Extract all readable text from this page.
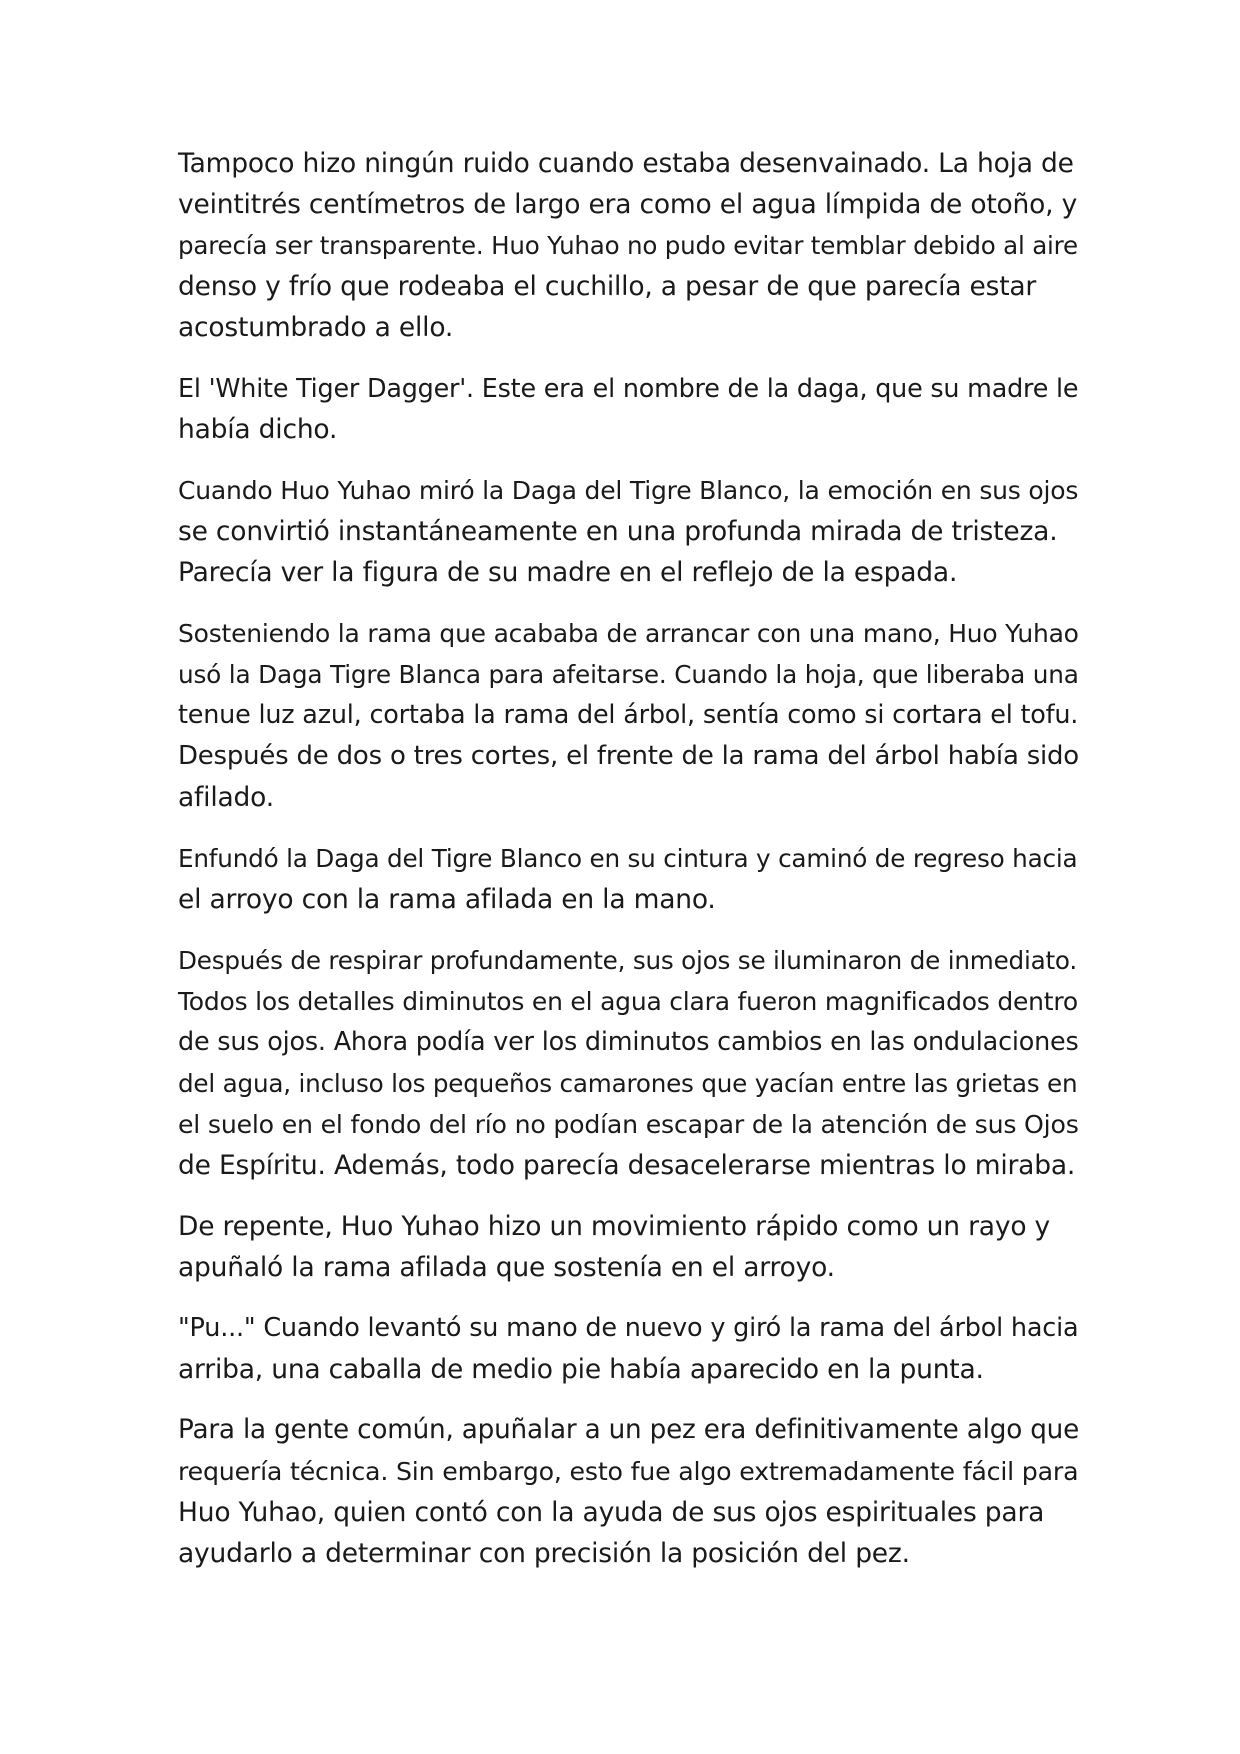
Tampoco hizo ningún ruido cuando estaba desenvainado. La hoja de
veintitrés centímetros de largo era como el agua límpida de otoño, y
parecía ser transparente. Huo Yuhao no pudo evitar temblar debido al aire
denso y frío que rodeaba el cuchillo, a pesar de que parecía estar
acostumbrado a ello.

El 'White Tiger Dagger'. Este era el nombre de la daga, que su madre le
había dicho.

Cuando Huo Yuhao miró la Daga del Tigre Blanco, la emoción en sus ojos
se convirtió instantáneamente en una profunda mirada de tristeza.
Parecía ver la figura de su madre en el reflejo de la espada.

Sosteniendo la rama que acababa de arrancar con una mano, Huo Yuhao
usó la Daga Tigre Blanca para afeitarse. Cuando la hoja, que liberaba una
tenue luz azul, cortaba la rama del árbol, sentía como si cortara el tofu.
Después de dos o tres cortes, el frente de la rama del árbol había sido
afilado.

Enfundó la Daga del Tigre Blanco en su cintura y caminó de regreso hacia
el arroyo con la rama afilada en la mano.

Después de respirar profundamente, sus ojos se iluminaron de inmediato.
Todos los detalles diminutos en el agua clara fueron magnificados dentro
de sus ojos. Ahora podía ver los diminutos cambios en las ondulaciones
del agua, incluso los pequeños camarones que yacían entre las grietas en
el suelo en el fondo del río no podían escapar de la atención de sus Ojos
de Espíritu. Además, todo parecía desacelerarse mientras lo miraba.

De repente, Huo Yuhao hizo un movimiento rápido como un rayo y
apuñaló la rama afilada que sostenía en el arroyo.

"Pu..." Cuando levantó su mano de nuevo y giró la rama del árbol hacia
arriba, una caballa de medio pie había aparecido en la punta.

Para la gente común, apuñalar a un pez era definitivamente algo que
requería técnica. Sin embargo, esto fue algo extremadamente fácil para
Huo Yuhao, quien contó con la ayuda de sus ojos espirituales para
ayudarlo a determinar con precisión la posición del pez.
